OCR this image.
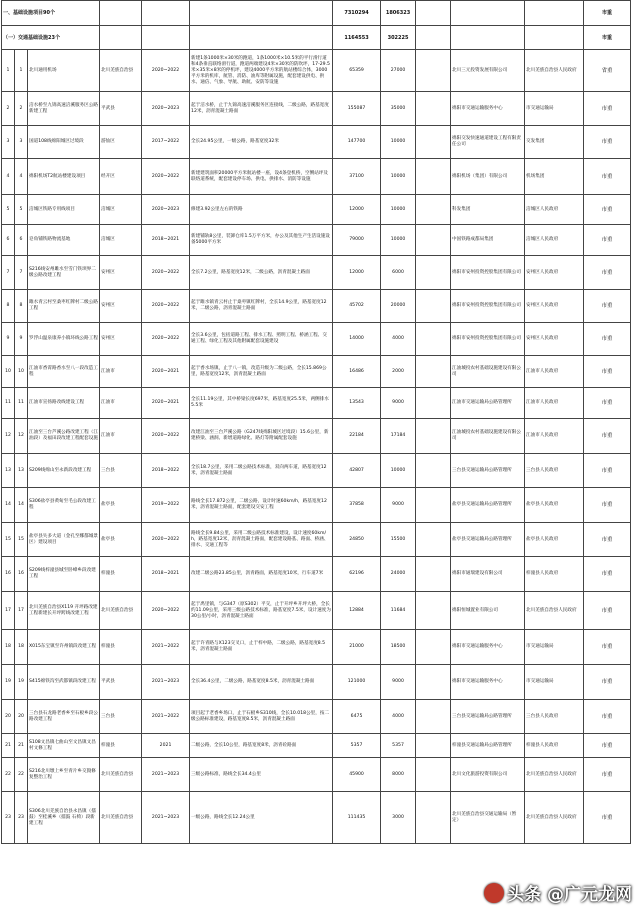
一、基础设施项目90个						7310294	1806323				市重
（一）交通基础设施23个						1164553	302225				市重
1	1	北川通用机场	北川羌族自治县	2020~2022	新建1条1000米×30米的跑道，1条1000米×10.5米的平行滑行道和4条垂直联络滑行道，跑道两端建设4米×30米的防吹坪，17-29.5米×35米×8米的停机坪，建设4000平方米的航站楼综合体，3000平方米的机库，航管、消防、油库等附属设施，配套建设供电、供水、通信、气象、导航、助航、安防等设施	65359	27000		北川三元投资发展有限公司	北川羌族自治县人民政府	省重
2	2	涪水桥至九锦高速涪溪服务区公路新建工程	平武县	2020~2023	起于涪水桥，止于九锦高速涪溪服务区连接线，二级公路，路基宽度12米，沥青混凝土路面	155087	35000		绵阳市交通运输服务中心	市交通运输局	市重
3	3	国道108线绵阳城区过境段	游仙区	2017~2022	全长24.95公里，一级公路，路基宽度32米	147700	10000		绵阳交发快速通道建设工程有限责任公司	交发集团	市重
4	4	绵阳机场T2航站楼建设项目	经开区	2020~2022	新建建筑面积20000平方米航站楼一座，设4条登机桥，空侧站坪及联络道系统，配套建设停车场、供电、供排水、消防等设施	37100	10000		绵阳机场（集团）有限公司	机场集团	市重
5	5	涪城区铁路专用线项目	涪城区	2020~2023	修建3.92公里左右的铁路	12000	10000		科发集团	涪城区人民政府	市重
6	6	皂角铺铁路物流基地	涪城区	2018~2021	新建铺轨8公里，装卸仓库1.5万平方米，办公及其他生产生活设施设备5000平方米	79000	10000		中国铁路成都局集团	涪城区人民政府	市重
7	7	S216线安州雎水至雪门铁坝界二级公路改建工程	安州区	2020~2022	全长7.2公里，路基宽度12米，二级公路，沥青混凝土路面	12000	6000		绵阳市安州投资控股集团有限公司	安州区人民政府	市重
8	8	雎水青云村至桑枣红牌村二级公路工程	安州区	2020~2022	起于雎水镇青云村止于桑枣镇红牌村，全长14.9公里，路基宽度12米，二级公路，沥青混凝土路面	45702	20000		绵阳市安州投资控股集团有限公司	安州区人民政府	市重
9	9	罗浮山温泉康养小镇环线公路工程	安州区	2020~2022	全长3.6公里，包括道路工程、排水工程、照明工程、桥涵工程、交通工程、绿化工程及其他附属配套设施建设	14000	4000		绵阳市安州投资控股集团有限公司	安州区人民政府	市重
10	10	江油市香霄路香水至八一段改造工程	江油市	2020~2021	起于香水场镇，止于八一镇，改造升级为二级公路，全长15.869公里，路基宽度12米，沥青混凝土路面	16486	2000		江油城投农村基础设施建设有限公司	江油市人民政府	市重
11	11	江油市宣扬路改线建设工程	江油市	2020~2021	全长11.19公里，其中桥梁长度697米，路基宽度25.5米，两侧排水5.5米	13543	9000		江油市交通运输局公路管理所	江油市人民政府	市重
12	12	江油至三台芦溪公路改建工程（江油段）及福田段改建工程配套设施	江油市	2020~2022	改建江油至三台芦溪公路（G247线绵阳城区过境段）15.6公里，新建桥梁、涵洞、新增道路绿化、路灯等附属配套设施	22184	17184		江油城投农村基础设施建设有限公司	江油市人民政府	市重
13	13	S209线绵山至永新段改建工程	三台县	2018~2022	全长18.7公里，采用二级公路技术标准，双向两车道，路基宽度12米，沥青混凝土路面	42807	10000		三台县交通运输局公路管理所	三台县人民政府	市重
14	14	S306盐亭县黄甸至毛公段改建工程	盐亭县	2019~2022	路线全长17.872公里，二级公路，设计时速60km/h，路基宽度12米，沥青混凝土路面，配套建设交安工程	37858	9000		盐亭县交通运输局公路管理所	盐亭县人民政府	市重
15	15	盐亭县失多大道（金孔至娜都城景区）建设项目	盐亭县	2020~2022	路线全长9.84公里，采用二级公路技术标准建设，设计速度60km/h，路基宽度12米，沥青混凝土路面，配套建设路基、路面、桥涵、排水、交通工程等	24850	15500		盐亭县交通运输局公路管理所	盐亭县人民政府	市重
16	16	S209线梓潼县城至卧峰乡段改建工程	梓潼县	2018~2021	改建二级公路23.85公里，沥青路面，路基宽度10米，行车道7米	62196	24000		绵阳市通瑞建设有限公司	梓潼县人民政府	市重
17	17	北川羌族自治县X119 开坪路改建工程新建长开坪跨线改建工程	北川羌族自治县	2020~2022	起于禹里镇，与G347（原S302）平交，止于开坪乡开坪大桥，全长约11.09公里，采用三级公路技术标准，路基宽度7.5米，设计速度为30公里/小时，沥青混凝土路面	12884	11684		绵阳恒城置业有限公司	北川羌族自治县人民政府	市重
18	18	X015东宝镇至许州镇段改建工程	梓潼县	2021~2022	起于许青路与X123交叉口，止于梓中路，二级公路，路基宽度8.5米，沥青混凝土路面	21000	18500		绵阳市交通运输服务中心	市交通运输局	市重
19	19	S415绵铁沟至武都镇段改建工程	平武县	2021~2023	全长36.4公里，二级公路，路基宽度8.5米，沥青混凝土路面	121000	9000		绵阳市交通运输服务中心	市交通运输局	市重
20	20	三台县石龙路老香乡至石板乡段公路改建工程	三台县	2021~2022	项目起于老香乡场口，止于石板乡S310线，全长10.018公里，按二级公路标准建设，路基宽度8.5米，沥青混凝土路面	6475	4000		三台县交通运输局公路管理所	三台县人民政府	市重
21	21	S108文昌镇七曲山至文昌镇文昌村文修工程	梓潼县	2021	二级公路，全长10公里，路基宽度8米，沥青砼路面	5357	5357		梓潼县交通运输局公路管理所	梓潼县人民政府	市重
22	22	S216北川墩上乡至青片乡交毁修复整治工程	北川羌族自治县	2021~2023	三级公路标准，路线全长34.4公里	45900	8000		北川文化旅游投资有限公司	北川羌族自治县人民政府	市重
23	23	S306北川羌族自治县永昌镇（擂鼓）至桂溪乡（擂鼓 石椅）段新建工程	北川羌族自治县	2021~2023	一级公路，路线全长12.24公里	111435	3000		北川羌族自治县交通运输局（暂定）	北川羌族自治县人民政府	市重
头条 @广元龙网
